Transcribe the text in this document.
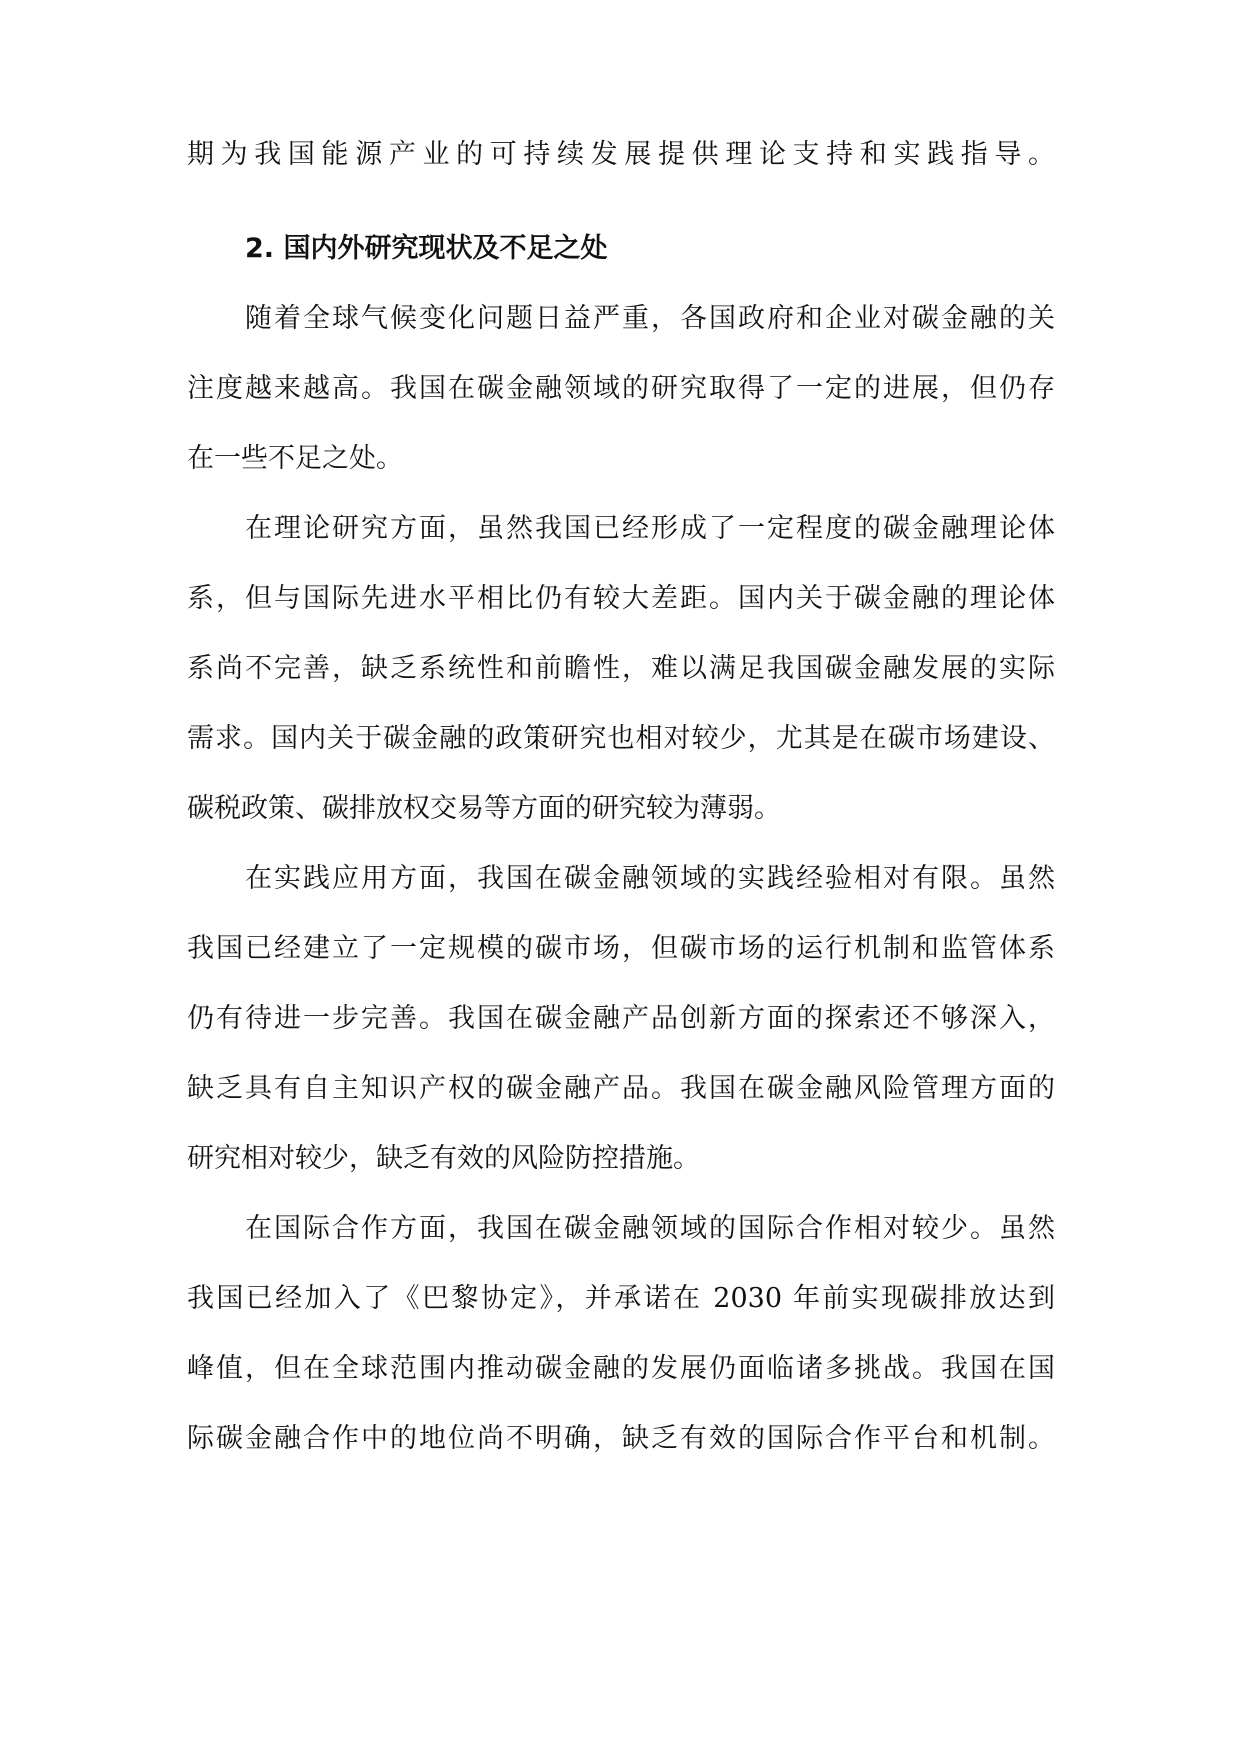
期为我国能源产业的可持续发展提供理论支持和实践指导。

2. 国内外研究现状及不足之处

随着全球气候变化问题日益严重，各国政府和企业对碳金融的关

注度越来越高。我国在碳金融领域的研究取得了一定的进展，但仍存

在一些不足之处。

在理论研究方面，虽然我国已经形成了一定程度的碳金融理论体

系，但与国际先进水平相比仍有较大差距。国内关于碳金融的理论体

系尚不完善，缺乏系统性和前瞻性，难以满足我国碳金融发展的实际

需求。国内关于碳金融的政策研究也相对较少，尤其是在碳市场建设、

碳税政策、碳排放权交易等方面的研究较为薄弱。

在实践应用方面，我国在碳金融领域的实践经验相对有限。虽然

我国已经建立了一定规模的碳市场，但碳市场的运行机制和监管体系

仍有待进一步完善。我国在碳金融产品创新方面的探索还不够深入，

缺乏具有自主知识产权的碳金融产品。我国在碳金融风险管理方面的

研究相对较少，缺乏有效的风险防控措施。

在国际合作方面，我国在碳金融领域的国际合作相对较少。虽然

我国已经加入了《巴黎协定》，并承诺在 2030 年前实现碳排放达到

峰值，但在全球范围内推动碳金融的发展仍面临诸多挑战。我国在国

际碳金融合作中的地位尚不明确，缺乏有效的国际合作平台和机制。
